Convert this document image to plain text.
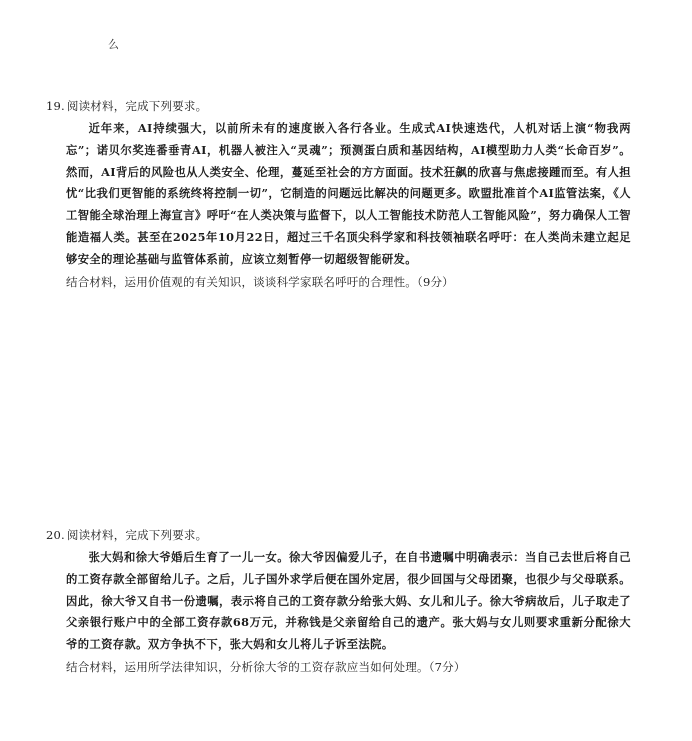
么
19. 阅读材料，完成下列要求。

近年来，AI持续强大，以前所未有的速度嵌入各行各业。生成式AI快速迭代，人机对话上演“物我两忘”；诺贝尔奖连番垂青AI，机器人被注入“灵魂”；预测蛋白质和基因结构，AI模型助力人类“长命百岁”。然而，AI背后的风险也从人类安全、伦理，蔓延至社会的方方面面。技术狂飙的欣喜与焦虑接踵而至。有人担忧“比我们更智能的系统终将控制一切”，它制造的问题远比解决的问题更多。欧盟批准首个AI监管法案，《人工智能全球治理上海宣言》呼吁“在人类决策与监督下，以人工智能技术防范人工智能风险”，努力确保人工智能造福人类。甚至在2025年10月22日，超过三千名顶尖科学家和科技领袖联名呼吁：在人类尚未建立起足够安全的理论基础与监管体系前，应该立刻暂停一切超级智能研发。

结合材料，运用价值观的有关知识，谈谈科学家联名呼吁的合理性。（9分）
20. 阅读材料，完成下列要求。

张大妈和徐大爷婚后生育了一儿一女。徐大爷因偏爱儿子，在自书遗嘱中明确表示：当自己去世后将自己的工资存款全部留给儿子。之后，儿子国外求学后便在国外定居，很少回国与父母团聚，也很少与父母联系。因此，徐大爷又自书一份遗嘱，表示将自己的工资存款分给张大妈、女儿和儿子。徐大爷病故后，儿子取走了父亲银行账户中的全部工资存款68万元，并称钱是父亲留给自己的遗产。张大妈与女儿则要求重新分配徐大爷的工资存款。双方争执不下，张大妈和女儿将儿子诉至法院。

结合材料，运用所学法律知识，分析徐大爷的工资存款应当如何处理。（7分）
